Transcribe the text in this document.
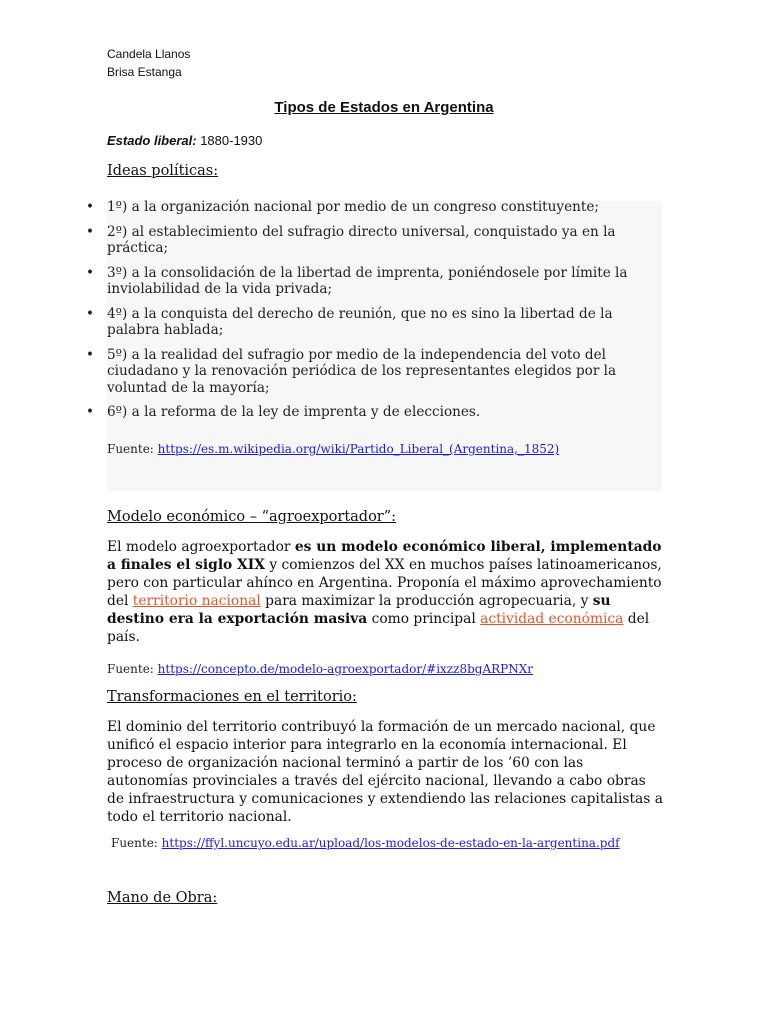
Candela Llanos
Brisa Estanga
Tipos de Estados en Argentina
Estado liberal: 1880-1930
Ideas políticas:
• 1º) a la organización nacional por medio de un congreso constituyente;
• 2º) al establecimiento del sufragio directo universal, conquistado ya en la práctica;
• 3º) a la consolidación de la libertad de imprenta, poniéndosele por límite la inviolabilidad de la vida privada;
• 4º) a la conquista del derecho de reunión, que no es sino la libertad de la palabra hablada;
• 5º) a la realidad del sufragio por medio de la independencia del voto del ciudadano y la renovación periódica de los representantes elegidos por la voluntad de la mayoría;
• 6º) a la reforma de la ley de imprenta y de elecciones.
Fuente: https://es.m.wikipedia.org/wiki/Partido_Liberal_(Argentina,_1852)
Modelo económico – “agroexportador”:
El modelo agroexportador es un modelo económico liberal, implementado a finales el siglo XIX y comienzos del XX en muchos países latinoamericanos, pero con particular ahínco en Argentina. Proponía el máximo aprovechamiento del territorio nacional para maximizar la producción agropecuaria, y su destino era la exportación masiva como principal actividad económica del país.
Fuente: https://concepto.de/modelo-agroexportador/#ixzz8bgARPNXr
Transformaciones en el territorio:
El dominio del territorio contribuyó la formación de un mercado nacional, que unificó el espacio interior para integrarlo en la economía internacional. El proceso de organización nacional terminó a partir de los ’60 con las autonomías provinciales a través del ejército nacional, llevando a cabo obras de infraestructura y comunicaciones y extendiendo las relaciones capitalistas a todo el territorio nacional.
Fuente: https://ffyl.uncuyo.edu.ar/upload/los-modelos-de-estado-en-la-argentina.pdf
Mano de Obra:
